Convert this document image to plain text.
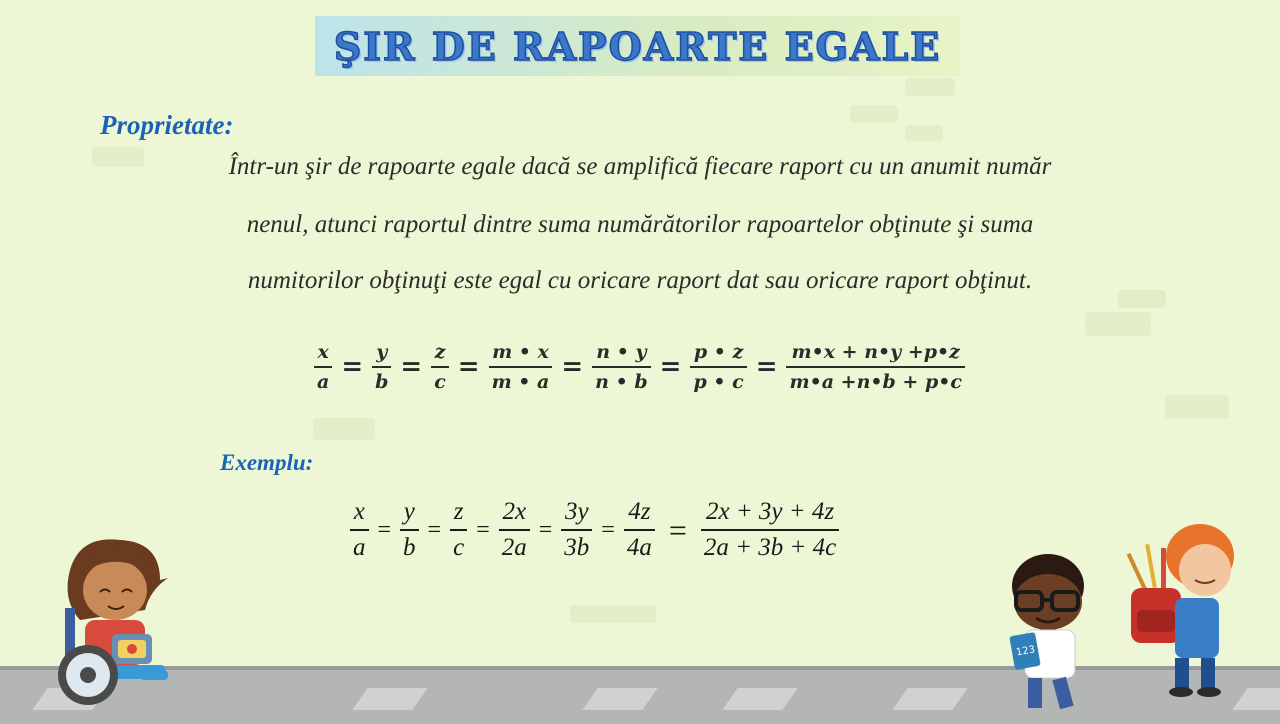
ŞIR DE RAPOARTE EGALE
Proprietate:
Într-un şir de rapoarte egale dacă se amplifică fiecare raport cu un anumit număr
nenul, atunci raportul dintre suma numărătorilor rapoartelor obţinute şi suma
numitorilor obţinuţi este egal cu oricare raport dat sau oricare raport obţinut.
$\frac{x}{a} = \frac{y}{b} = \frac{z}{c} = \frac{m • x}{m • a} = \frac{n • y}{n • b} = \frac{p • z}{p • c} = \frac{m•x + n•y +p•z}{m•a +n•b + p•c}$
Exemplu:
$\frac{x}{a} = \frac{y}{b} = \frac{z}{c} = \frac{2x}{2a} = \frac{3y}{3b} = \frac{4z}{4a} = \frac{2x + 3y + 4z}{2a + 3b + 4c}$
123
